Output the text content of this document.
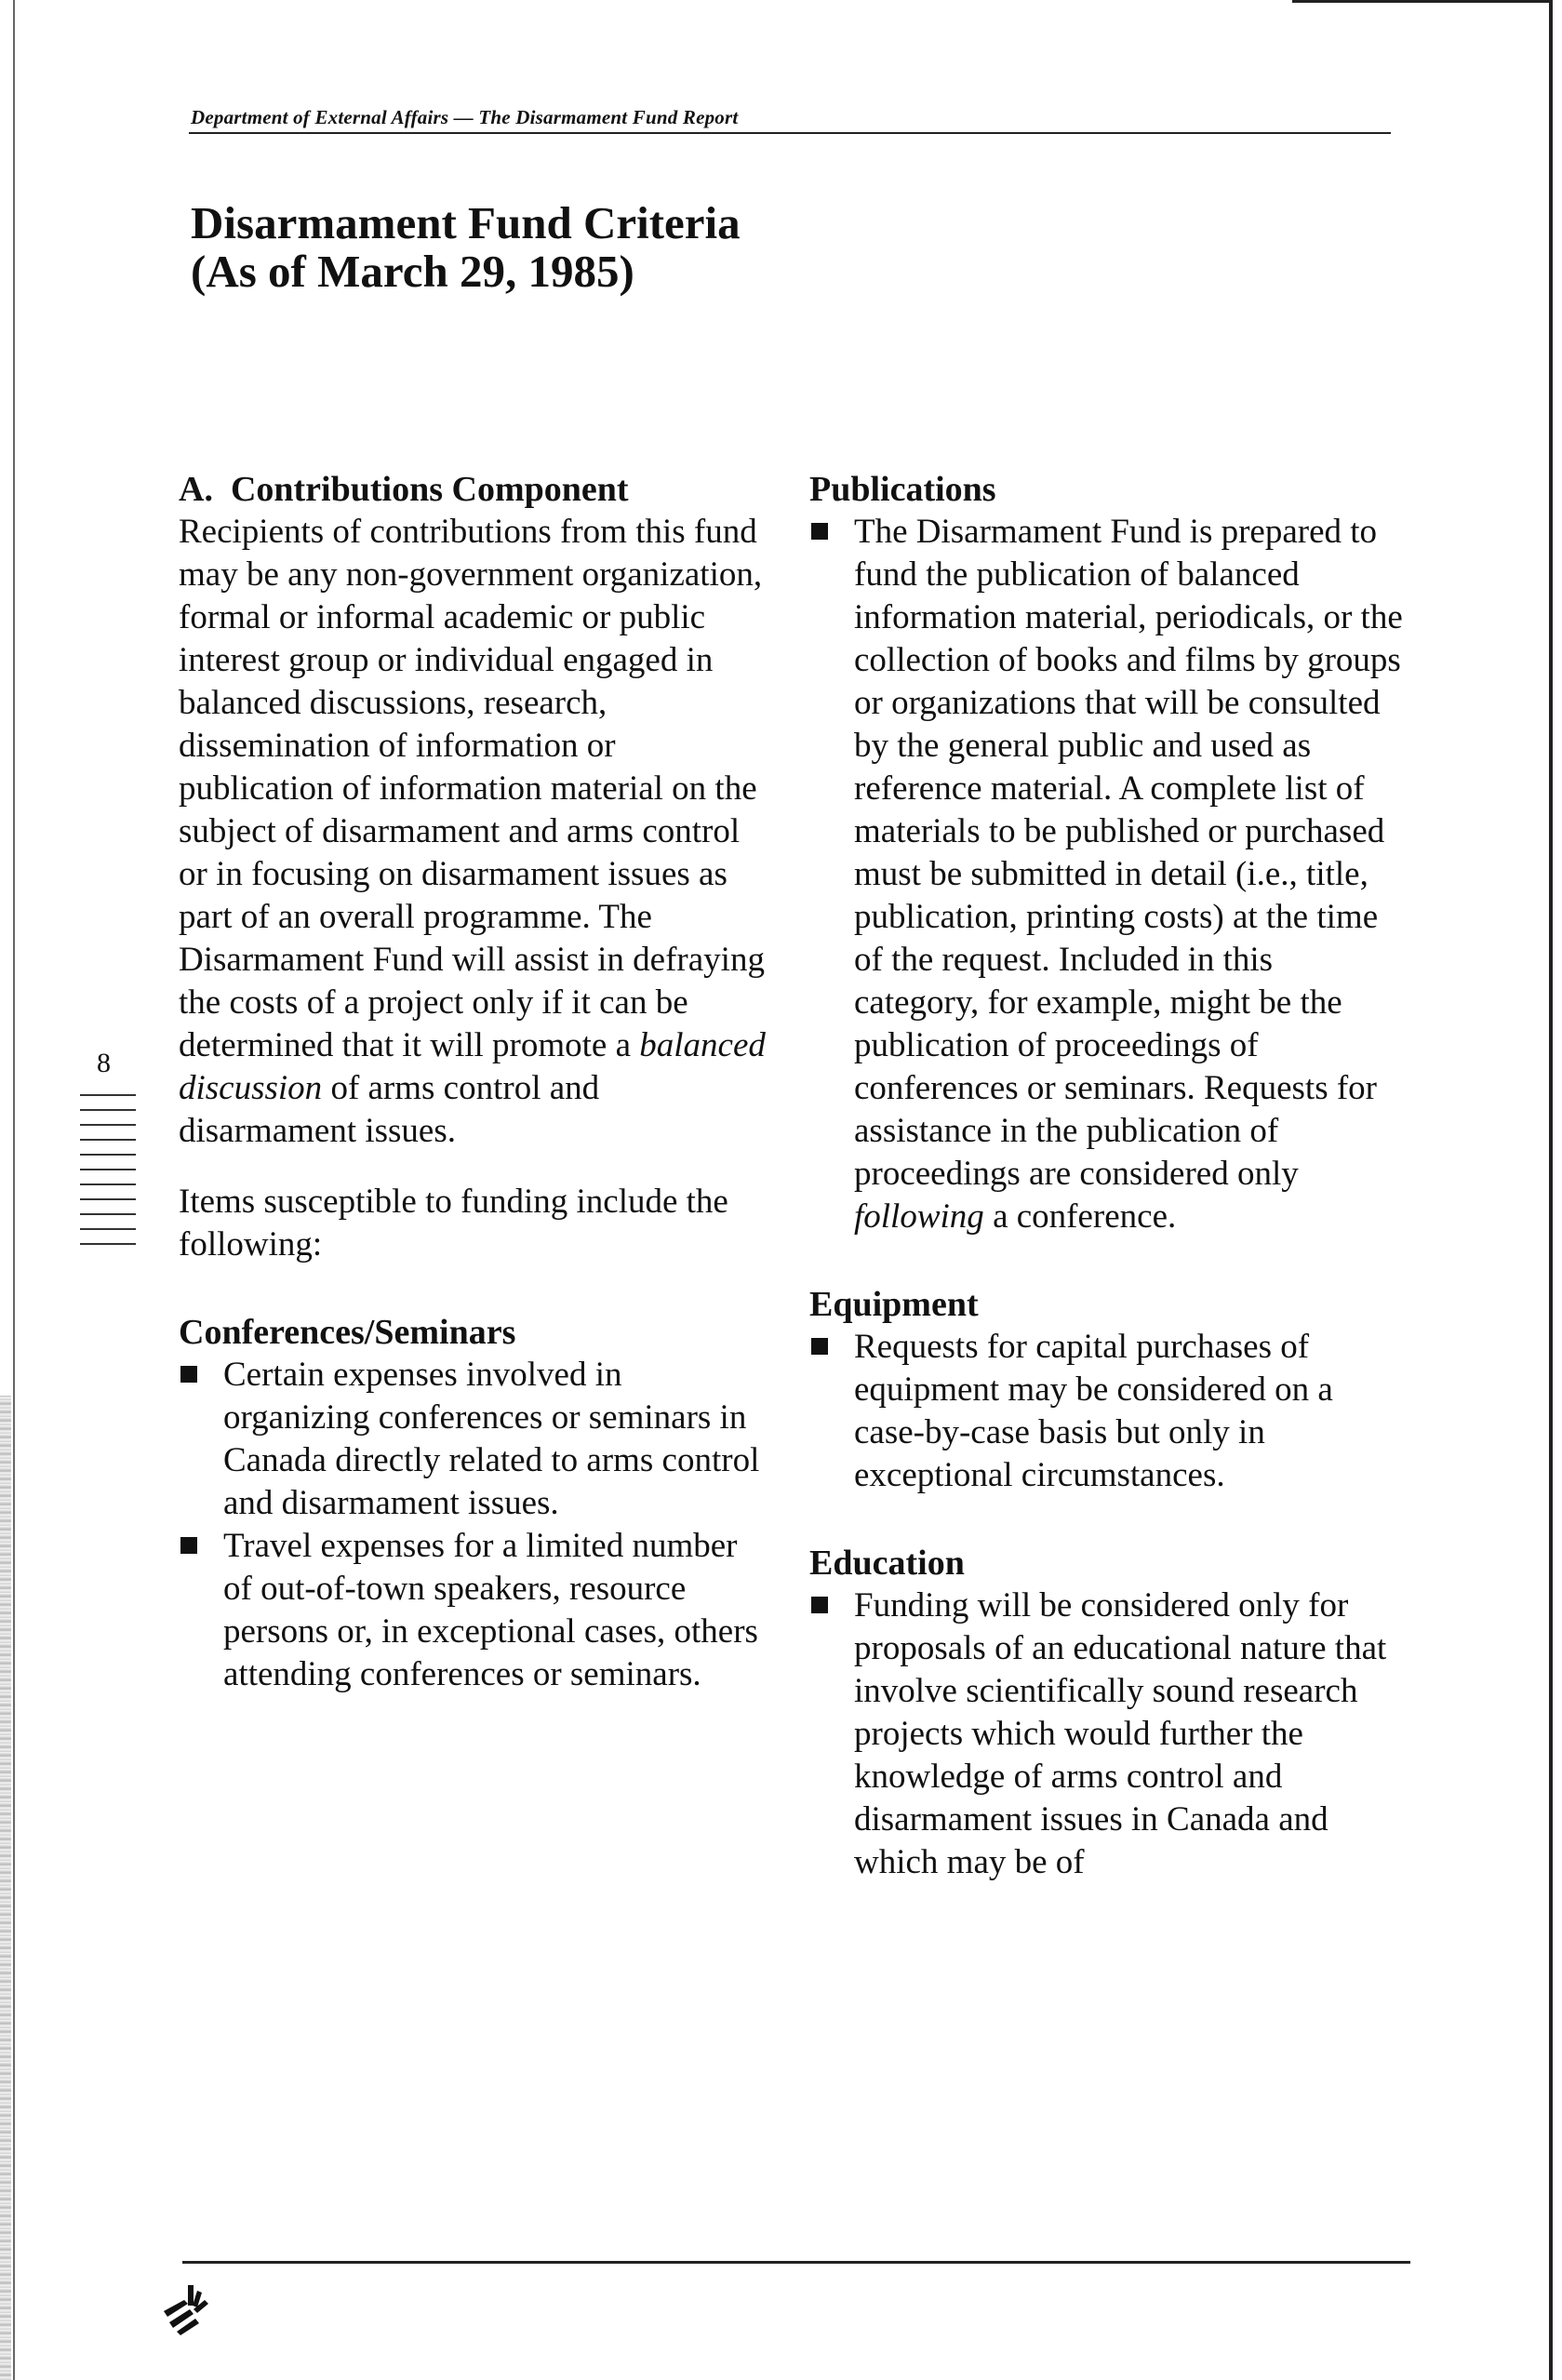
Department of External Affairs — The Disarmament Fund Report
Disarmament Fund Criteria
(As of March 29, 1985)
8
A.  Contributions Component

Recipients of contributions from this fund may be any non-government organization, formal or informal academic or public interest group or individual engaged in balanced discussions, research, dissemination of information or publication of information material on the subject of disarmament and arms control or in focusing on disarmament issues as part of an overall programme. The Disarmament Fund will assist in defraying the costs of a project only if it can be determined that it will promote a balanced discussion of arms control and disarmament issues.

Items susceptible to funding include the following:

Conferences/Seminars
Certain expenses involved in organizing conferences or seminars in Canada directly related to arms control and disarmament issues.
Travel expenses for a limited number of out-of-town speakers, resource persons or, in exceptional cases, others attending conferences or seminars.
Publications
The Disarmament Fund is prepared to fund the publication of balanced information material, periodicals, or the collection of books and films by groups or organizations that will be consulted by the general public and used as reference material. A complete list of materials to be published or purchased must be submitted in detail (i.e., title, publication, printing costs) at the time of the request. Included in this category, for example, might be the publication of proceedings of conferences or seminars. Requests for assistance in the publication of proceedings are considered only following a conference.
Equipment
Requests for capital purchases of equipment may be considered on a case-by-case basis but only in exceptional circumstances.
Education
Funding will be considered only for proposals of an educational nature that involve scientifically sound research projects which would further the knowledge of arms control and disarmament issues in Canada and which may be of
